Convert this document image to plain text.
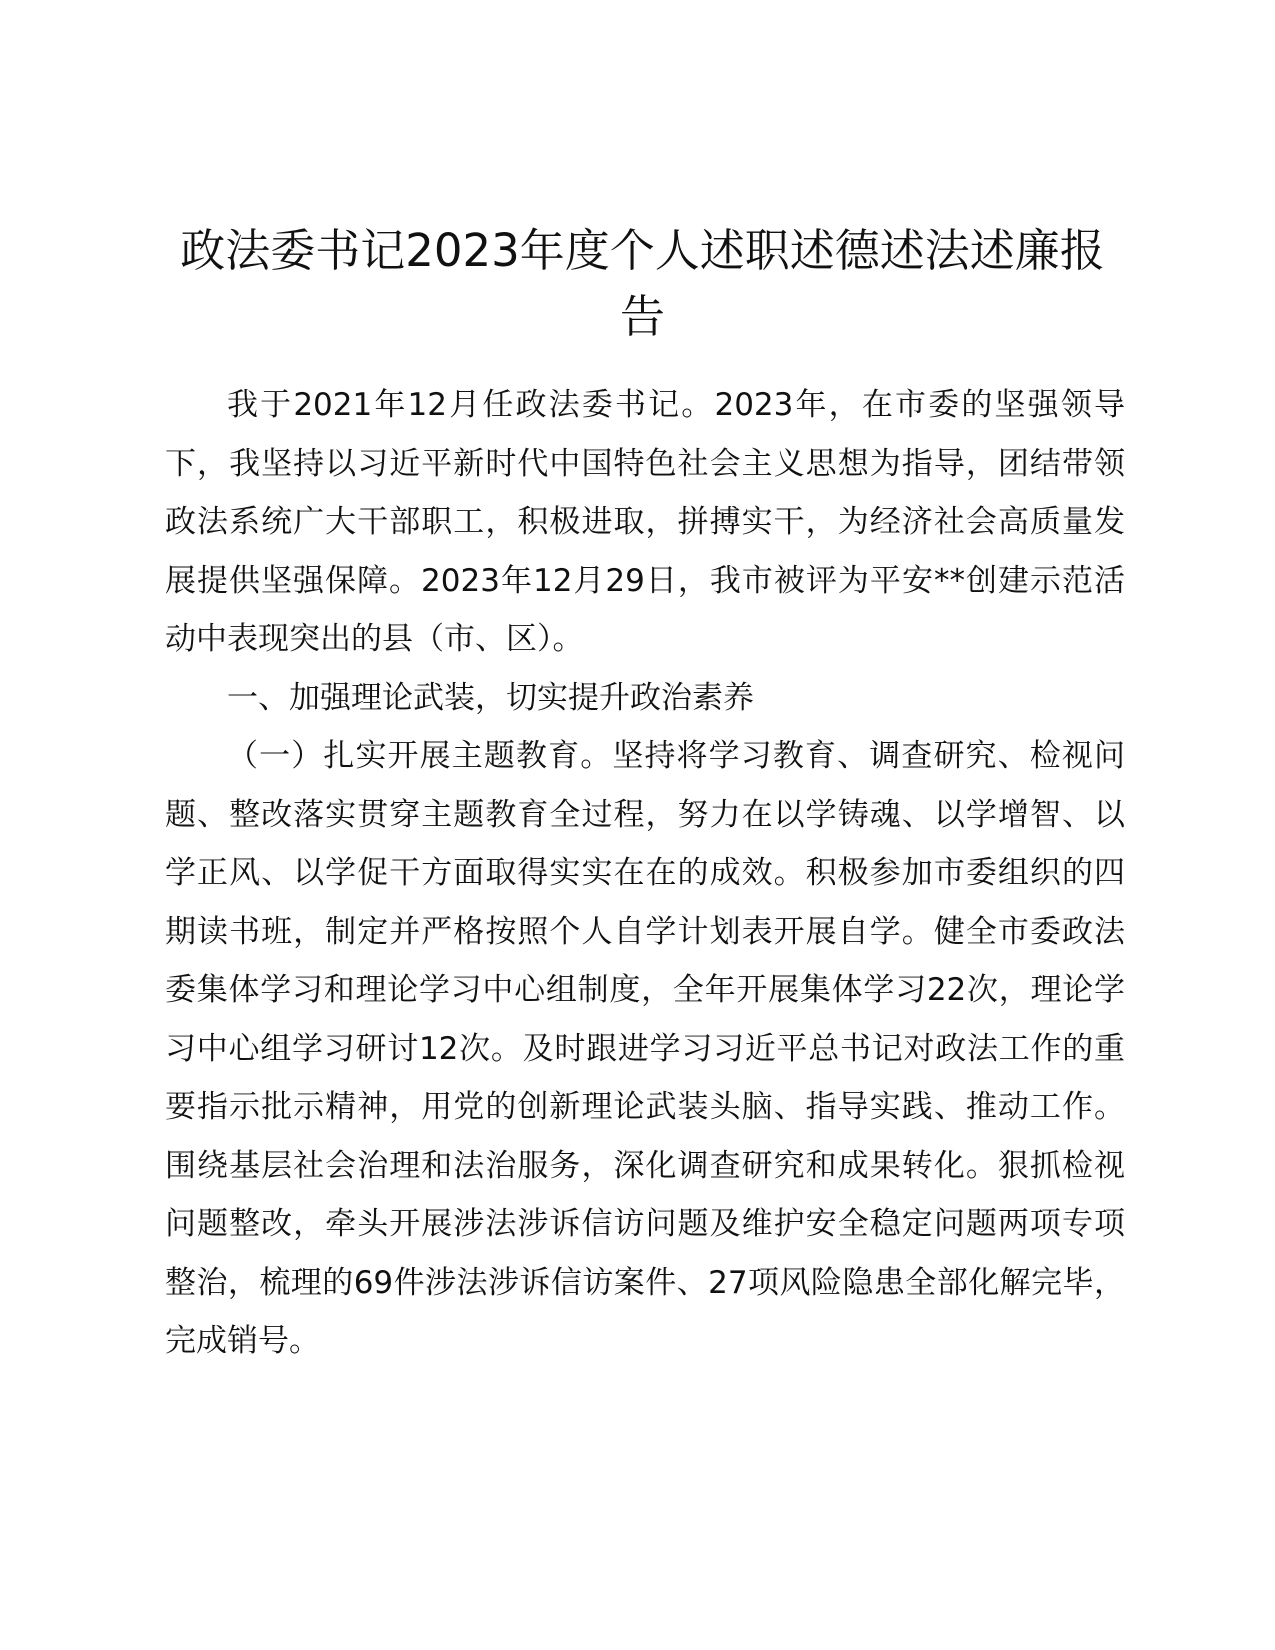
政法委书记2023年度个人述职述德述法述廉报告

我于2021年12月任政法委书记。2023年，在市委的坚强领导下，我坚持以习近平新时代中国特色社会主义思想为指导，团结带领政法系统广大干部职工，积极进取，拼搏实干，为经济社会高质量发展提供坚强保障。2023年12月29日，我市被评为平安**创建示范活动中表现突出的县（市、区）。

一、加强理论武装，切实提升政治素养

（一）扎实开展主题教育。坚持将学习教育、调查研究、检视问题、整改落实贯穿主题教育全过程，努力在以学铸魂、以学增智、以学正风、以学促干方面取得实实在在的成效。积极参加市委组织的四期读书班，制定并严格按照个人自学计划表开展自学。健全市委政法委集体学习和理论学习中心组制度，全年开展集体学习22次，理论学习中心组学习研讨12次。及时跟进学习习近平总书记对政法工作的重要指示批示精神，用党的创新理论武装头脑、指导实践、推动工作。围绕基层社会治理和法治服务，深化调查研究和成果转化。狠抓检视问题整改，牵头开展涉法涉诉信访问题及维护安全稳定问题两项专项整治，梳理的69件涉法涉诉信访案件、27项风险隐患全部化解完毕，完成销号。
